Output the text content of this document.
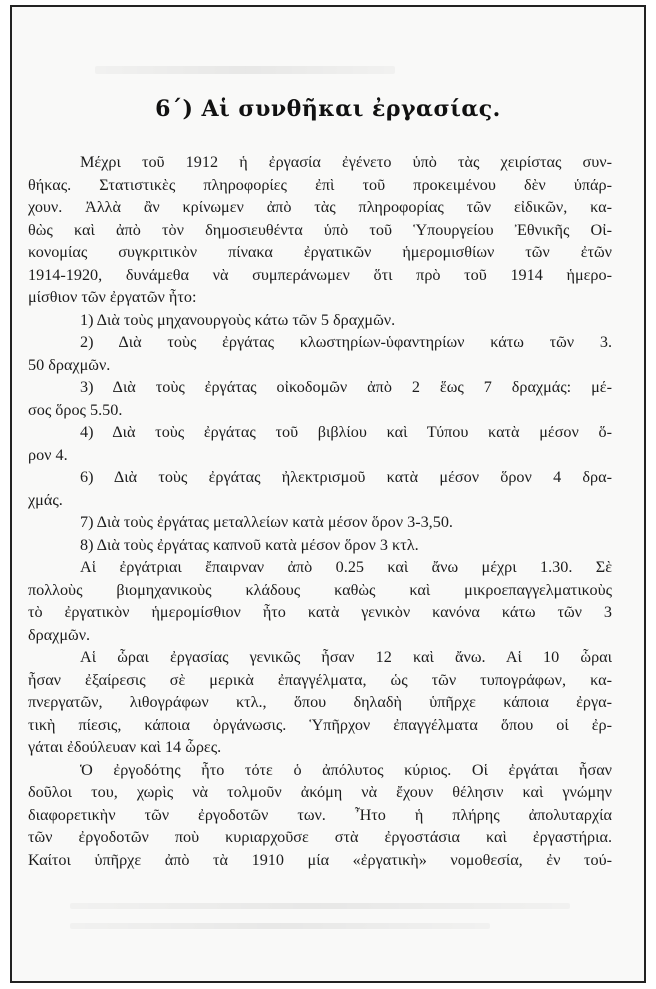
6΄) Αἱ συνθῆκαι ἐργασίας.
Μέχρι τοῦ 1912 ἡ ἐργασία ἐγένετο ὑπὸ τὰς χειρίστας συν-
θήκας. Στατιστικὲς πληροφορίες ἐπὶ τοῦ προκειμένου δὲν ὑπάρ-
χουν. Ἀλλὰ ἂν κρίνωμεν ἀπὸ τὰς πληροφορίας τῶν εἰδικῶν, κα-
θὼς καὶ ἀπὸ τὸν δημοσιευθέντα ὑπὸ τοῦ Ὑπουργείου Ἐθνικῆς Οἰ-
κονομίας συγκριτικὸν πίνακα ἐργατικῶν ἡμερομισθίων τῶν ἐτῶν
1914-1920, δυνάμεθα νὰ συμπεράνωμεν ὅτι πρὸ τοῦ 1914 ἡμερο-
μίσθιον τῶν ἐργατῶν ἦτο:
1) Διὰ τοὺς μηχανουργοὺς κάτω τῶν 5 δραχμῶν.
2) Διὰ τοὺς ἐργάτας κλωστηρίων-ὑφαντηρίων κάτω τῶν 3.
50 δραχμῶν.
3) Διὰ τοὺς ἐργάτας οἰκοδομῶν ἀπὸ 2 ἕως 7 δραχμάς: μέ-
σος ὅρος 5.50.
4) Διὰ τοὺς ἐργάτας τοῦ βιβλίου καὶ Τύπου κατὰ μέσον ὅ-
ρον 4.
6) Διὰ τοὺς ἐργάτας ἠλεκτρισμοῦ κατὰ μέσον ὅρον 4 δρα-
χμάς.
7) Διὰ τοὺς ἐργάτας μεταλλείων κατὰ μέσον ὅρον 3-3,50.
8) Διὰ τοὺς ἐργάτας καπνοῦ κατὰ μέσον ὅρον 3 κτλ.
Αἱ ἐργάτριαι ἔπαιρναν ἀπὸ 0.25 καὶ ἄνω μέχρι 1.30. Σὲ
πολλοὺς βιομηχανικοὺς κλάδους καθὼς καὶ μικροεπαγγελματικοὺς
τὸ ἐργατικὸν ἡμερομίσθιον ἦτο κατὰ γενικὸν κανόνα κάτω τῶν 3
δραχμῶν.
Αἱ ὧραι ἐργασίας γενικῶς ἦσαν 12 καὶ ἄνω. Αἱ 10 ὧραι
ἦσαν ἐξαίρεσις σὲ μερικὰ ἐπαγγέλματα, ὡς τῶν τυπογράφων, κα-
πνεργατῶν, λιθογράφων κτλ., ὅπου δηλαδὴ ὑπῆρχε κάποια ἐργα-
τικὴ πίεσις, κάποια ὀργάνωσις. Ὑπῆρχον ἐπαγγέλματα ὅπου οἱ ἐρ-
γάται ἐδούλευαν καὶ 14 ὧρες.
Ὁ ἐργοδότης ἦτο τότε ὁ ἀπόλυτος κύριος. Οἱ ἐργάται ἦσαν
δοῦλοι του, χωρὶς νὰ τολμοῦν ἀκόμη νὰ ἔχουν θέλησιν καὶ γνώμην
διαφορετικὴν τῶν ἐργοδοτῶν των. Ἦτο ἡ πλήρης ἀπολυταρχία
τῶν ἐργοδοτῶν ποὺ κυριαρχοῦσε στὰ ἐργοστάσια καὶ ἐργαστήρια.
Καίτοι ὑπῆρχε ἀπὸ τὰ 1910 μία «ἐργατικὴ» νομοθεσία, ἐν τού-
